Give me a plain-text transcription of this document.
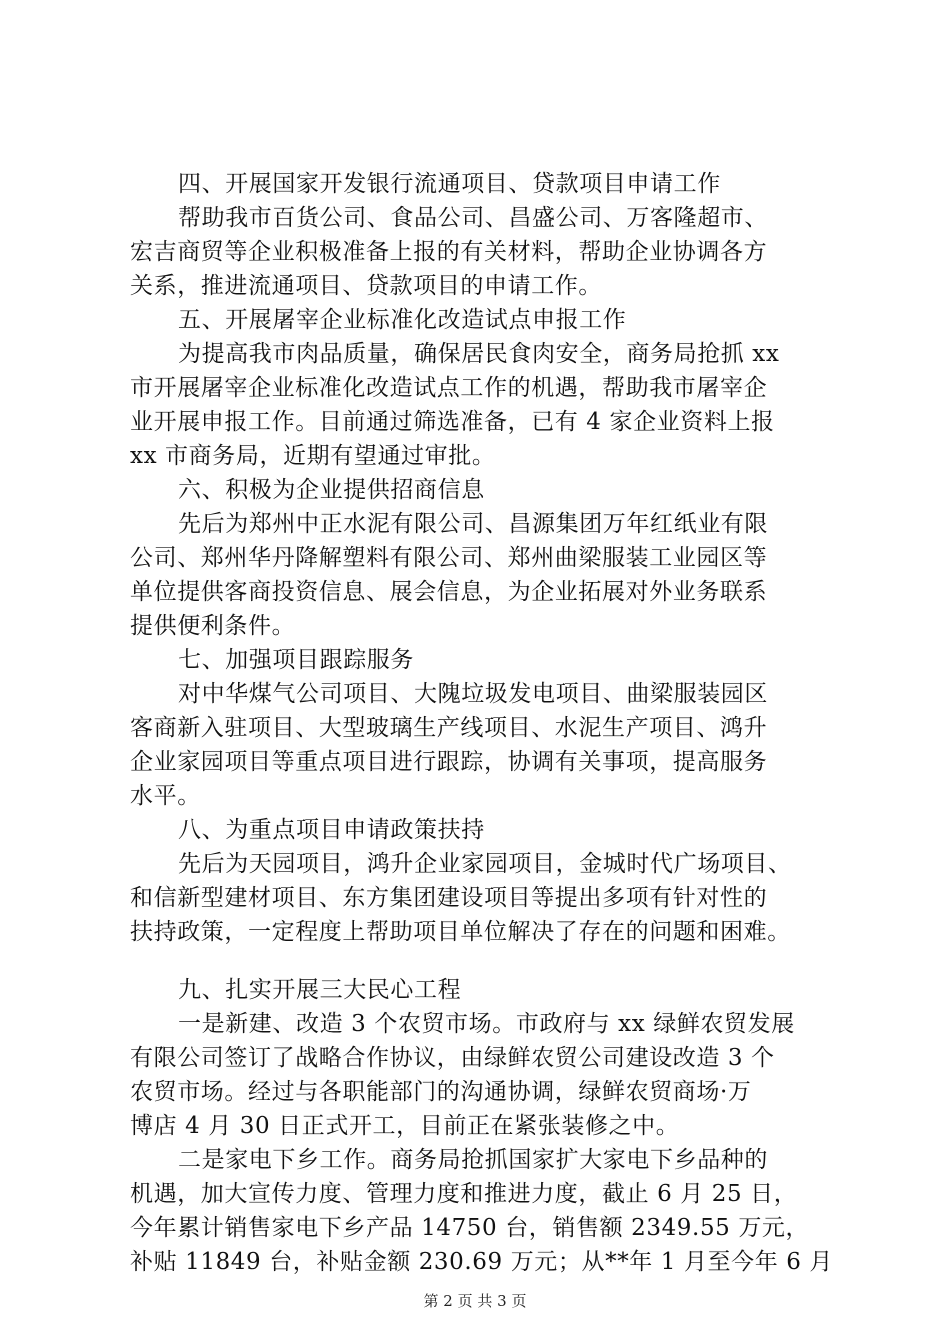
四、开展国家开发银行流通项目、贷款项目申请工作
帮助我市百货公司、食品公司、昌盛公司、万客隆超市、
宏吉商贸等企业积极准备上报的有关材料，帮助企业协调各方
关系，推进流通项目、贷款项目的申请工作。
五、开展屠宰企业标准化改造试点申报工作
为提高我市肉品质量，确保居民食肉安全，商务局抢抓 xx
市开展屠宰企业标准化改造试点工作的机遇，帮助我市屠宰企
业开展申报工作。目前通过筛选准备，已有 4 家企业资料上报
xx 市商务局，近期有望通过审批。
六、积极为企业提供招商信息
先后为郑州中正水泥有限公司、昌源集团万年红纸业有限
公司、郑州华丹降解塑料有限公司、郑州曲梁服装工业园区等
单位提供客商投资信息、展会信息，为企业拓展对外业务联系
提供便利条件。
七、加强项目跟踪服务
对中华煤气公司项目、大隗垃圾发电项目、曲梁服装园区
客商新入驻项目、大型玻璃生产线项目、水泥生产项目、鸿升
企业家园项目等重点项目进行跟踪，协调有关事项，提高服务
水平。
八、为重点项目申请政策扶持
先后为天园项目，鸿升企业家园项目，金城时代广场项目、
和信新型建材项目、东方集团建设项目等提出多项有针对性的
扶持政策，一定程度上帮助项目单位解决了存在的问题和困难。
九、扎实开展三大民心工程
一是新建、改造 3 个农贸市场。市政府与 xx 绿鲜农贸发展
有限公司签订了战略合作协议，由绿鲜农贸公司建设改造 3 个
农贸市场。经过与各职能部门的沟通协调，绿鲜农贸商场·万
博店 4 月 30 日正式开工，目前正在紧张装修之中。
二是家电下乡工作。商务局抢抓国家扩大家电下乡品种的
机遇，加大宣传力度、管理力度和推进力度，截止 6 月 25 日，
今年累计销售家电下乡产品 14750 台，销售额 2349.55 万元，
补贴 11849 台，补贴金额 230.69 万元；从**年 1 月至今年 6 月
第 2 页 共 3 页
